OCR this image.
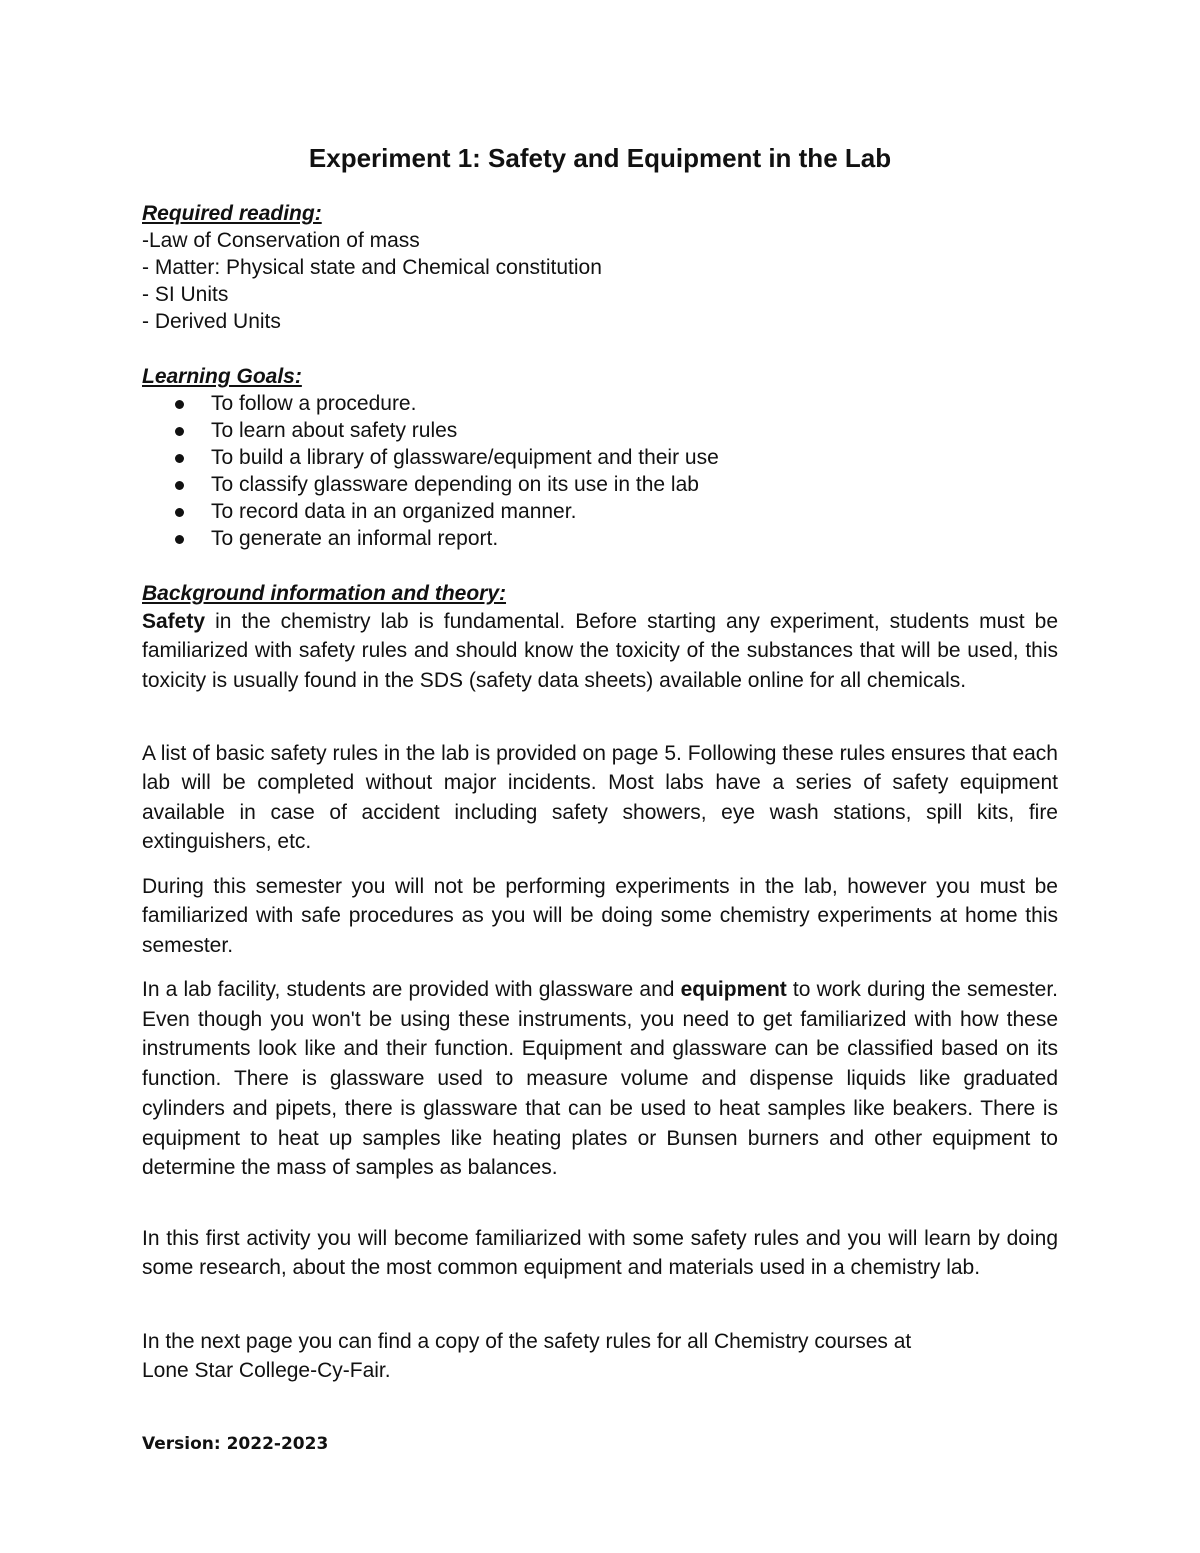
Experiment 1: Safety and Equipment in the Lab
Required reading:
-Law of Conservation of mass
- Matter: Physical state and Chemical constitution
- SI Units
- Derived Units
Learning Goals:
To follow a procedure.
To learn about safety rules
To build a library of glassware/equipment and their use
To classify glassware depending on its use in the lab
To record data in an organized manner.
To generate an informal report.
Background information and theory:
Safety in the chemistry lab is fundamental. Before starting any experiment, students must be familiarized with safety rules and should know the toxicity of the substances that will be used, this toxicity is usually found in the SDS (safety data sheets) available online for all chemicals.
A list of basic safety rules in the lab is provided on page 5. Following these rules ensures that each lab will be completed without major incidents. Most labs have a series of safety equipment available in case of accident including safety showers, eye wash stations, spill kits, fire extinguishers, etc.
During this semester you will not be performing experiments in the lab, however you must be familiarized with safe procedures as you will be doing some chemistry experiments at home this semester.
In a lab facility, students are provided with glassware and equipment to work during the semester. Even though you won't be using these instruments, you need to get familiarized with how these instruments look like and their function. Equipment and glassware can be classified based on its function. There is glassware used to measure volume and dispense liquids like graduated cylinders and pipets, there is glassware that can be used to heat samples like beakers. There is equipment to heat up samples like heating plates or Bunsen burners and other equipment to determine the mass of samples as balances.
In this first activity you will become familiarized with some safety rules and you will learn by doing some research, about the most common equipment and materials used in a chemistry lab.
In the next page you can find a copy of the safety rules for all Chemistry courses at
Lone Star College-Cy-Fair.
Version: 2022-2023
